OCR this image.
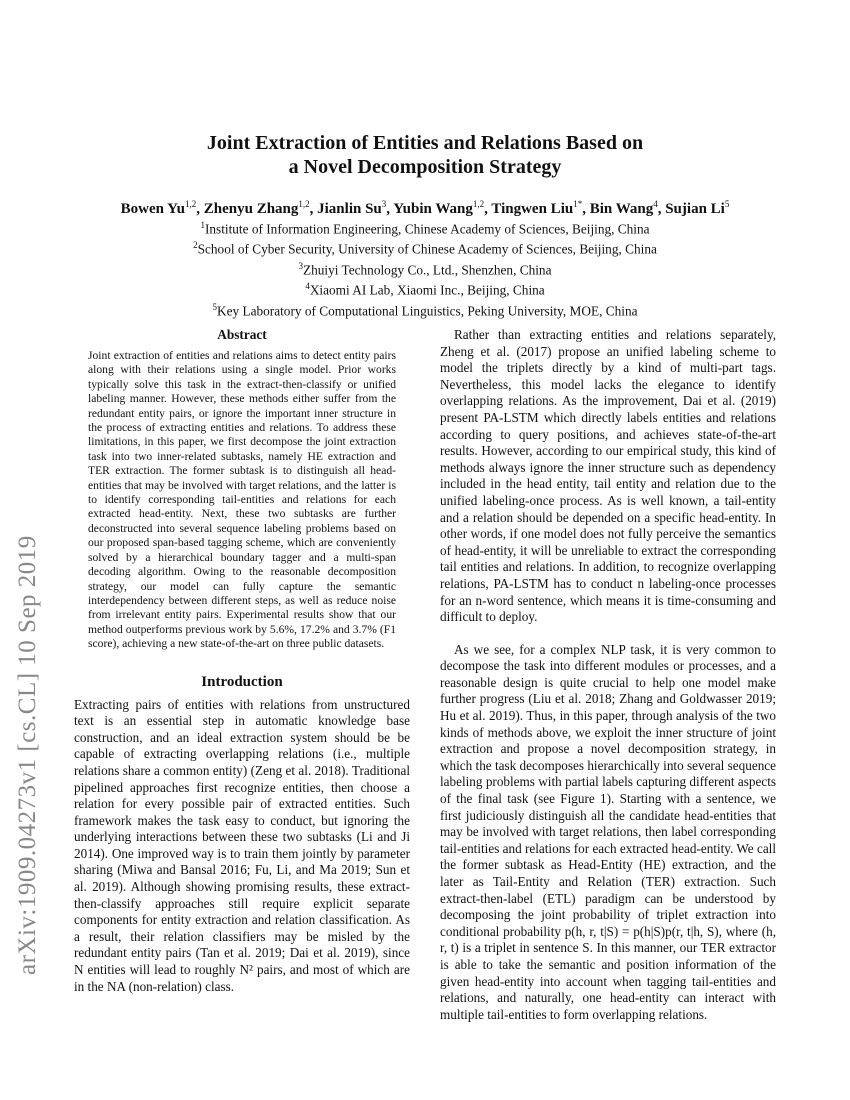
arXiv:1909.04273v1 [cs.CL] 10 Sep 2019
Joint Extraction of Entities and Relations Based on
a Novel Decomposition Strategy
Bowen Yu$^{1,2}$, Zhenyu Zhang$^{1,2}$, Jianlin Su$^3$, Yubin Wang$^{1,2}$, Tingwen Liu$^{1*}$, Bin Wang$^4$, Sujian Li$^5$
$^1$Institute of Information Engineering, Chinese Academy of Sciences, Beijing, China
$^2$School of Cyber Security, University of Chinese Academy of Sciences, Beijing, China
$^3$Zhuiyi Technology Co., Ltd., Shenzhen, China
$^4$Xiaomi AI Lab, Xiaomi Inc., Beijing, China
$^5$Key Laboratory of Computational Linguistics, Peking University, MOE, China
Abstract

Joint extraction of entities and relations aims to detect entity pairs along with their relations using a single model. Prior works typically solve this task in the extract-then-classify or unified labeling manner. However, these methods either suffer from the redundant entity pairs, or ignore the important inner structure in the process of extracting entities and relations. To address these limitations, in this paper, we first decompose the joint extraction task into two inner-related subtasks, namely HE extraction and TER extraction. The former subtask is to distinguish all head-entities that may be involved with target relations, and the latter is to identify corresponding tail-entities and relations for each extracted head-entity. Next, these two subtasks are further deconstructed into several sequence labeling problems based on our proposed span-based tagging scheme, which are conveniently solved by a hierarchical boundary tagger and a multi-span decoding algorithm. Owing to the reasonable decomposition strategy, our model can fully capture the semantic interdependency between different steps, as well as reduce noise from irrelevant entity pairs. Experimental results show that our method outperforms previous work by 5.6%, 17.2% and 3.7% (F1 score), achieving a new state-of-the-art on three public datasets.

Introduction

Extracting pairs of entities with relations from unstructured text is an essential step in automatic knowledge base construction, and an ideal extraction system should be be capable of extracting overlapping relations (i.e., multiple relations share a common entity) (Zeng et al. 2018). Traditional pipelined approaches first recognize entities, then choose a relation for every possible pair of extracted entities. Such framework makes the task easy to conduct, but ignoring the underlying interactions between these two subtasks (Li and Ji 2014). One improved way is to train them jointly by parameter sharing (Miwa and Bansal 2016; Fu, Li, and Ma 2019; Sun et al. 2019). Although showing promising results, these extract-then-classify approaches still require explicit separate components for entity extraction and relation classification. As a result, their relation classifiers may be misled by the redundant entity pairs (Tan et al. 2019; Dai et al. 2019), since N entities will lead to roughly N² pairs, and most of which are in the NA (non-relation) class.

Rather than extracting entities and relations separately, Zheng et al. (2017) propose an unified labeling scheme to model the triplets directly by a kind of multi-part tags. Nevertheless, this model lacks the elegance to identify overlapping relations. As the improvement, Dai et al. (2019) present PA-LSTM which directly labels entities and relations according to query positions, and achieves state-of-the-art results. However, according to our empirical study, this kind of methods always ignore the inner structure such as dependency included in the head entity, tail entity and relation due to the unified labeling-once process. As is well known, a tail-entity and a relation should be depended on a specific head-entity. In other words, if one model does not fully perceive the semantics of head-entity, it will be unreliable to extract the corresponding tail entities and relations. In addition, to recognize overlapping relations, PA-LSTM has to conduct n labeling-once processes for an n-word sentence, which means it is time-consuming and difficult to deploy.

As we see, for a complex NLP task, it is very common to decompose the task into different modules or processes, and a reasonable design is quite crucial to help one model make further progress (Liu et al. 2018; Zhang and Goldwasser 2019; Hu et al. 2019). Thus, in this paper, through analysis of the two kinds of methods above, we exploit the inner structure of joint extraction and propose a novel decomposition strategy, in which the task decomposes hierarchically into several sequence labeling problems with partial labels capturing different aspects of the final task (see Figure 1). Starting with a sentence, we first judiciously distinguish all the candidate head-entities that may be involved with target relations, then label corresponding tail-entities and relations for each extracted head-entity. We call the former subtask as Head-Entity (HE) extraction, and the later as Tail-Entity and Relation (TER) extraction. Such extract-then-label (ETL) paradigm can be understood by decomposing the joint probability of triplet extraction into conditional probability p(h, r, t|S) = p(h|S)p(r, t|h, S), where (h, r, t) is a triplet in sentence S. In this manner, our TER extractor is able to take the semantic and position information of the given head-entity into account when tagging tail-entities and relations, and naturally, one head-entity can interact with multiple tail-entities to form overlapping relations.
